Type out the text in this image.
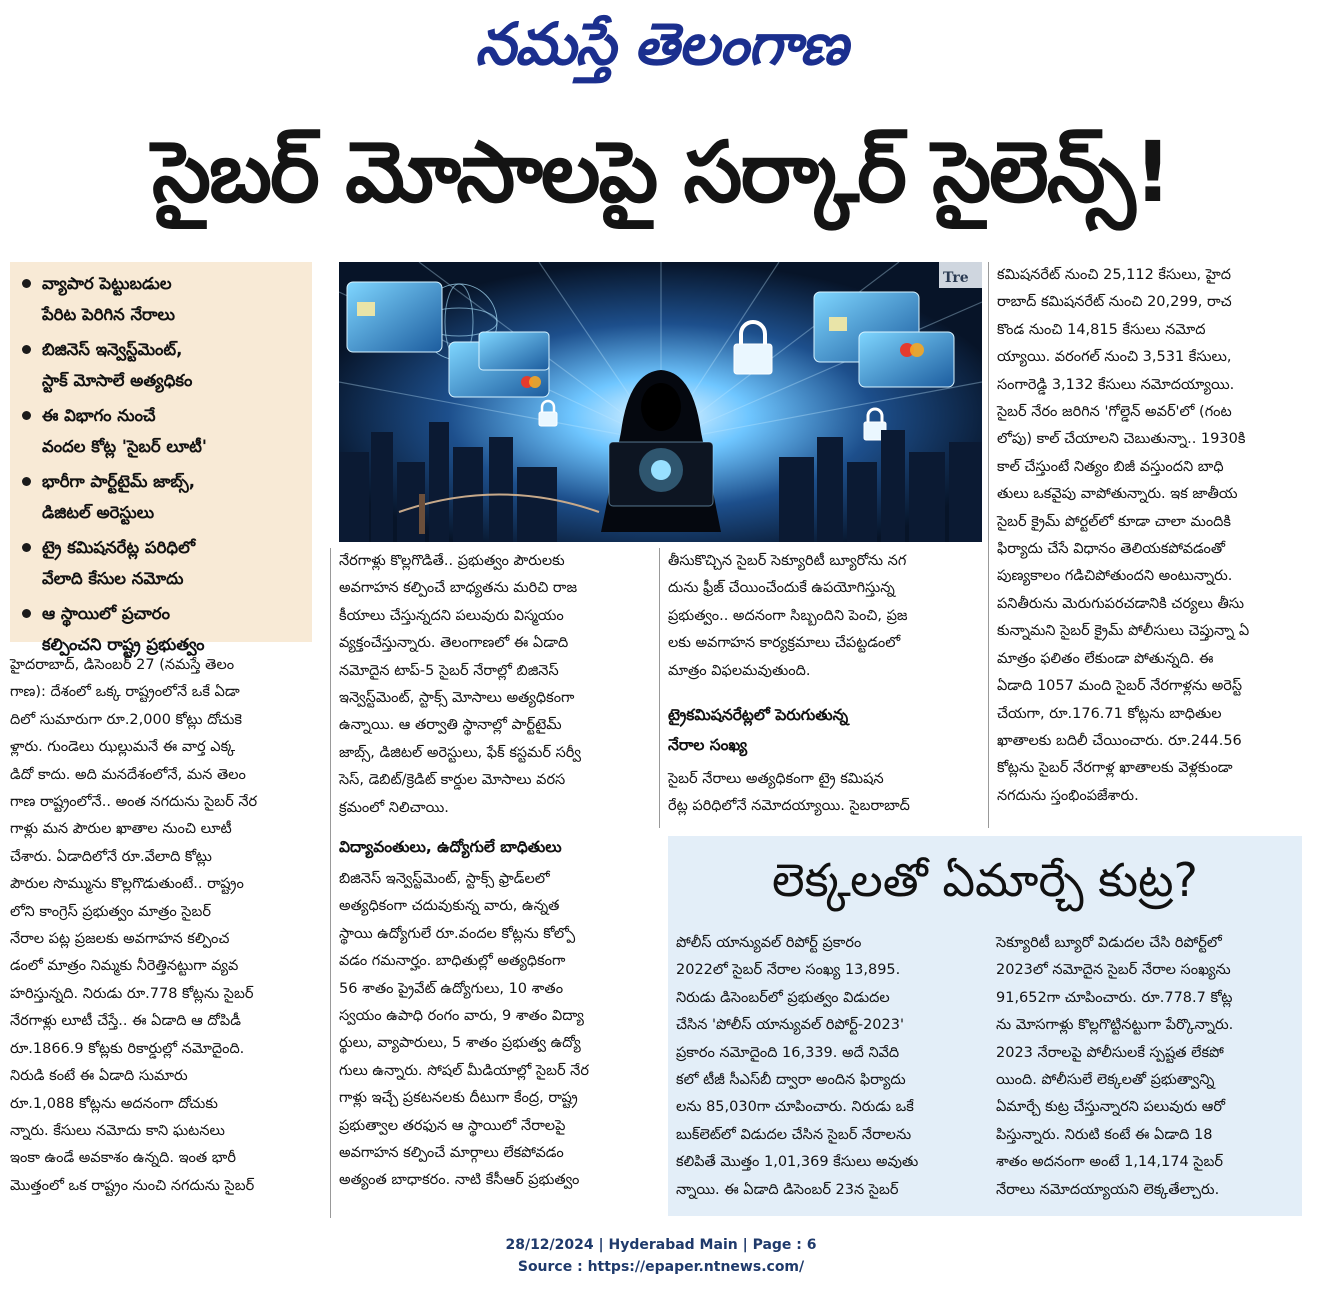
నమస్తే తెలంగాణ
సైబర్ మోసాలపై సర్కార్ సైలెన్స్!
వ్యాపార పెట్టుబడుల
పేరిట పెరిగిన నేరాలు
బిజినెస్ ఇన్వెస్ట్‌మెంట్,
స్టాక్ మోసాలే అత్యధికం
ఈ విభాగం నుంచే
వందల కోట్ల 'సైబర్ లూటీ'
భారీగా పార్ట్‌టైమ్ జాబ్స్,
డిజిటల్ అరెస్టులు
ట్రై కమిషనరేట్ల పరిధిలో
వేలాది కేసుల నమోదు
ఆ స్థాయిలో ప్రచారం
కల్పించని రాష్ట్ర ప్రభుత్వం
Tre
హైదరాబాద్, డిసెంబర్ 27 (నమస్తే తెలం
గాణ): దేశంలో ఒక్క రాష్ట్రంలోనే ఒకే ఏడా
దిలో సుమారుగా రూ.2,000 కోట్లు దోచుకె
ళ్లారు. గుండెలు ఝల్లుమనే ఈ వార్త ఎక్క
డిదో కాదు. అది మనదేశంలోనే, మన తెలం
గాణ రాష్ట్రంలోనే.. అంత నగదును సైబర్ నేర
గాళ్లు మన పౌరుల ఖాతాల నుంచి లూటీ
చేశారు. ఏడాదిలోనే రూ.వేలాది కోట్లు
పౌరుల సొమ్మును కొల్లగొడుతుంటే.. రాష్ట్రం
లోని కాంగ్రెస్ ప్రభుత్వం మాత్రం సైబర్
నేరాల పట్ల ప్రజలకు అవగాహన కల్పించ
డంలో మాత్రం నిమ్మకు నీరెత్తినట్టుగా వ్యవ
హరిస్తున్నది. నిరుడు రూ.778 కోట్లను సైబర్
నేరగాళ్లు లూటీ చేస్తే.. ఈ ఏడాది ఆ దోపిడీ
రూ.1866.9 కోట్లకు రికార్డుల్లో నమోదైంది.
నిరుడి కంటే ఈ ఏడాది సుమారు
రూ.1,088 కోట్లను అదనంగా దోచుకు
న్నారు. కేసులు నమోదు కాని ఘటనలు
ఇంకా ఉండే అవకాశం ఉన్నది. ఇంత భారీ
మొత్తంలో ఒక రాష్ట్రం నుంచి నగదును సైబర్
నేరగాళ్లు కొల్లగొడితే.. ప్రభుత్వం పౌరులకు
అవగాహన కల్పించే బాధ్యతను మరిచి రాజ
కీయాలు చేస్తున్నదని పలువురు విస్మయం
వ్యక్తంచేస్తున్నారు. తెలంగాణలో ఈ ఏడాది
నమోదైన టాప్-5 సైబర్ నేరాల్లో బిజినెస్
ఇన్వెస్ట్‌మెంట్, స్టాక్స్ మోసాలు అత్యధికంగా
ఉన్నాయి. ఆ తర్వాతి స్థానాల్లో పార్ట్‌టైమ్
జాబ్స్, డిజిటల్ అరెస్టులు, ఫేక్ కస్టమర్ సర్వీ
సెస్, డెబిట్/క్రెడిట్ కార్డుల మోసాలు వరస
క్రమంలో నిలిచాయి.
విద్యావంతులు, ఉద్యోగులే బాధితులు
బిజినెస్ ఇన్వెస్ట్‌మెంట్, స్టాక్స్ ఫ్రాడ్‌లలో
అత్యధికంగా చదువుకున్న వారు, ఉన్నత
స్థాయి ఉద్యోగులే రూ.వందల కోట్లను కోల్పో
వడం గమనార్హం. బాధితుల్లో అత్యధికంగా
56 శాతం ప్రైవేట్ ఉద్యోగులు, 10 శాతం
స్వయం ఉపాధి రంగం వారు, 9 శాతం విద్యా
ర్థులు, వ్యాపారులు, 5 శాతం ప్రభుత్వ ఉద్యో
గులు ఉన్నారు. సోషల్ మీడియాల్లో సైబర్ నేర
గాళ్లు ఇచ్చే ప్రకటనలకు దీటుగా కేంద్ర, రాష్ట్ర
ప్రభుత్వాల తరఫున ఆ స్థాయిలో నేరాలపై
అవగాహన కల్పించే మార్గాలు లేకపోవడం
అత్యంత బాధాకరం. నాటి కేసీఆర్ ప్రభుత్వం
తీసుకొచ్చిన సైబర్ సెక్యూరిటీ బ్యూరోను నగ
దును ఫ్రీజ్ చేయించేందుకే ఉపయోగిస్తున్న
ప్రభుత్వం.. అదనంగా సిబ్బందిని పెంచి, ప్రజ
లకు అవగాహన కార్యక్రమాలు చేపట్టడంలో
మాత్రం విఫలమవుతుంది.
ట్రైకమిషనరేట్లలో పెరుగుతున్న
నేరాల సంఖ్య
సైబర్ నేరాలు అత్యధికంగా ట్రై కమిషన
రేట్ల పరిధిలోనే నమోదయ్యాయి. సైబరాబాద్
కమిషనరేట్ నుంచి 25,112 కేసులు, హైద
రాబాద్ కమిషనరేట్ నుంచి 20,299, రాచ
కొండ నుంచి 14,815 కేసులు నమోద
య్యాయి. వరంగల్ నుంచి 3,531 కేసులు,
సంగారెడ్డి 3,132 కేసులు నమోదయ్యాయి.
సైబర్ నేరం జరిగిన 'గోల్డెన్ అవర్'లో (గంట
లోపు) కాల్ చేయాలని చెబుతున్నా.. 1930కి
కాల్ చేస్తుంటే నిత్యం బిజీ వస్తుందని బాధి
తులు ఒకవైపు వాపోతున్నారు. ఇక జాతీయ
సైబర్ క్రైమ్ పోర్టల్‌లో కూడా చాలా మందికి
ఫిర్యాదు చేసే విధానం తెలియకపోవడంతో
పుణ్యకాలం గడిచిపోతుందని అంటున్నారు.
పనితీరును మెరుగుపరచడానికి చర్యలు తీసు
కున్నామని సైబర్ క్రైమ్ పోలీసులు చెప్తున్నా ఏ
మాత్రం ఫలితం లేకుండా పోతున్నది. ఈ
ఏడాది 1057 మంది సైబర్ నేరగాళ్లను అరెస్ట్
చేయగా, రూ.176.71 కోట్లను బాధితుల
ఖాతాలకు బదిలీ చేయించారు. రూ.244.56
కోట్లను సైబర్ నేరగాళ్ల ఖాతాలకు వెళ్లకుండా
నగదును స్తంభింపజేశారు.
లెక్కలతో ఏమార్చే కుట్ర?
పోలీస్ యాన్యువల్ రిపోర్ట్ ప్రకారం
2022లో సైబర్ నేరాల సంఖ్య 13,895.
నిరుడు డిసెంబర్‌లో ప్రభుత్వం విడుదల
చేసిన 'పోలీస్ యాన్యువల్ రిపోర్ట్-2023'
ప్రకారం నమోదైంది 16,339. అదే నివేది
కలో టీజీ సీఎస్‌బీ ద్వారా అందిన ఫిర్యాదు
లను 85,030గా చూపించారు. నిరుడు ఒకే
బుక్‌లెట్‌లో విడుదల చేసిన సైబర్ నేరాలను
కలిపితే మొత్తం 1,01,369 కేసులు అవుతు
న్నాయి. ఈ ఏడాది డిసెంబర్ 23న సైబర్
సెక్యూరిటీ బ్యూరో విడుదల చేసి రిపోర్ట్‌లో
2023లో నమోదైన సైబర్ నేరాల సంఖ్యను
91,652గా చూపించారు. రూ.778.7 కోట్ల
ను మోసగాళ్లు కొల్లగొట్టినట్టుగా పేర్కొన్నారు.
2023 నేరాలపై పోలీసులకే స్పష్టత లేకపో
యింది. పోలీసులే లెక్కలతో ప్రభుత్వాన్ని
ఏమార్చే కుట్ర చేస్తున్నారని పలువురు ఆరో
పిస్తున్నారు. నిరుటి కంటే ఈ ఏడాది 18
శాతం అదనంగా అంటే 1,14,174 సైబర్
నేరాలు నమోదయ్యాయని లెక్కతేల్చారు.
28/12/2024 | Hyderabad Main | Page : 6
Source : https://epaper.ntnews.com/
